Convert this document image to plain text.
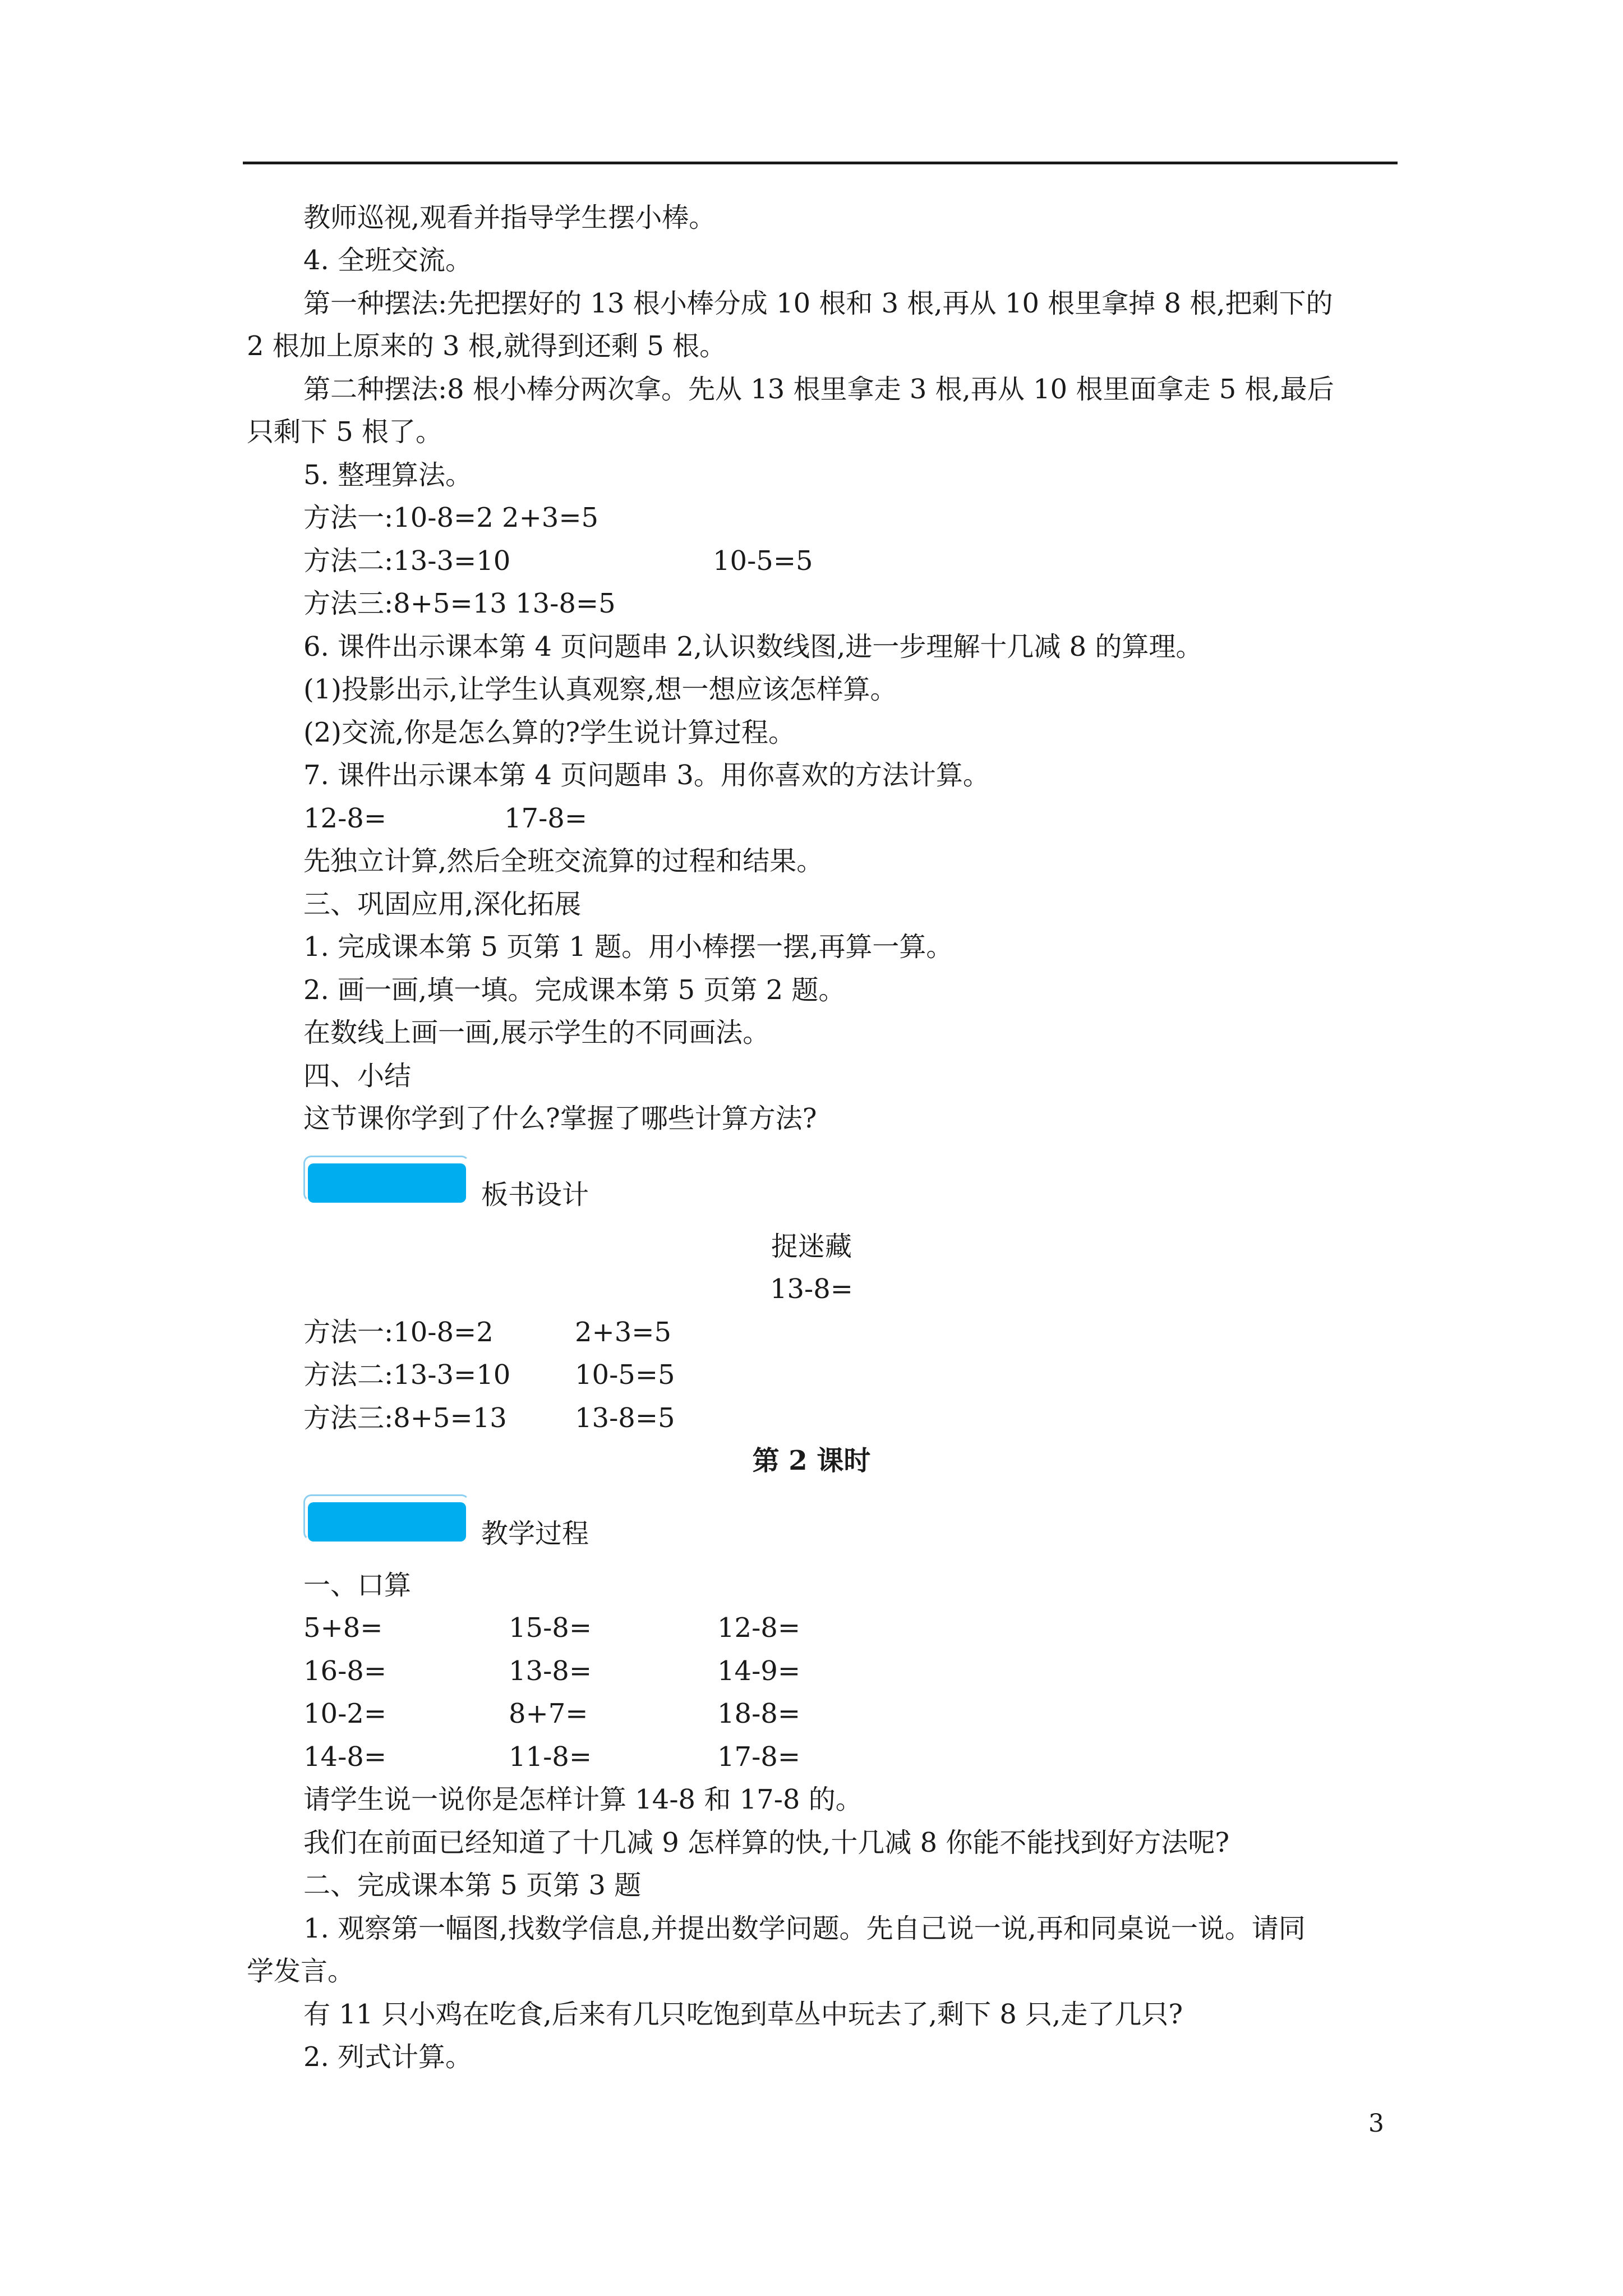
教师巡视,观看并指导学生摆小棒。
4. 全班交流。
第一种摆法:先把摆好的 13 根小棒分成 10 根和 3 根,再从 10 根里拿掉 8 根,把剩下的
2 根加上原来的 3 根,就得到还剩 5 根。
第二种摆法:8 根小棒分两次拿。先从 13 根里拿走 3 根,再从 10 根里面拿走 5 根,最后
只剩下 5 根了。
5. 整理算法。
方法一:10-8=2 2+3=5
方法二:13-3=10	10-5=5
方法三:8+5=13 13-8=5
6. 课件出示课本第 4 页问题串 2,认识数线图,进一步理解十几减 8 的算理。
(1)投影出示,让学生认真观察,想一想应该怎样算。
(2)交流,你是怎么算的?学生说计算过程。
7. 课件出示课本第 4 页问题串 3。用你喜欢的方法计算。
12-8=	17-8=
先独立计算,然后全班交流算的过程和结果。
三、巩固应用,深化拓展
1. 完成课本第 5 页第 1 题。用小棒摆一摆,再算一算。
2. 画一画,填一填。完成课本第 5 页第 2 题。
在数线上画一画,展示学生的不同画法。
四、小结
这节课你学到了什么?掌握了哪些计算方法?
板书设计
捉迷藏
13-8=
方法一:10-8=2	2+3=5
方法二:13-3=10 10-5=5
方法三:8+5=13	13-8=5
第 2 课时
教学过程
一、口算
5+8=	15-8=	12-8=
16-8=	13-8=	14-9=
10-2=	8+7=	18-8=
14-8=	11-8=	17-8=
请学生说一说你是怎样计算 14-8 和 17-8 的。
我们在前面已经知道了十几减 9 怎样算的快,十几减 8 你能不能找到好方法呢?
二、完成课本第 5 页第 3 题
1. 观察第一幅图,找数学信息,并提出数学问题。先自己说一说,再和同桌说一说。请同
学发言。
有 11 只小鸡在吃食,后来有几只吃饱到草丛中玩去了,剩下 8 只,走了几只?
2. 列式计算。
3
